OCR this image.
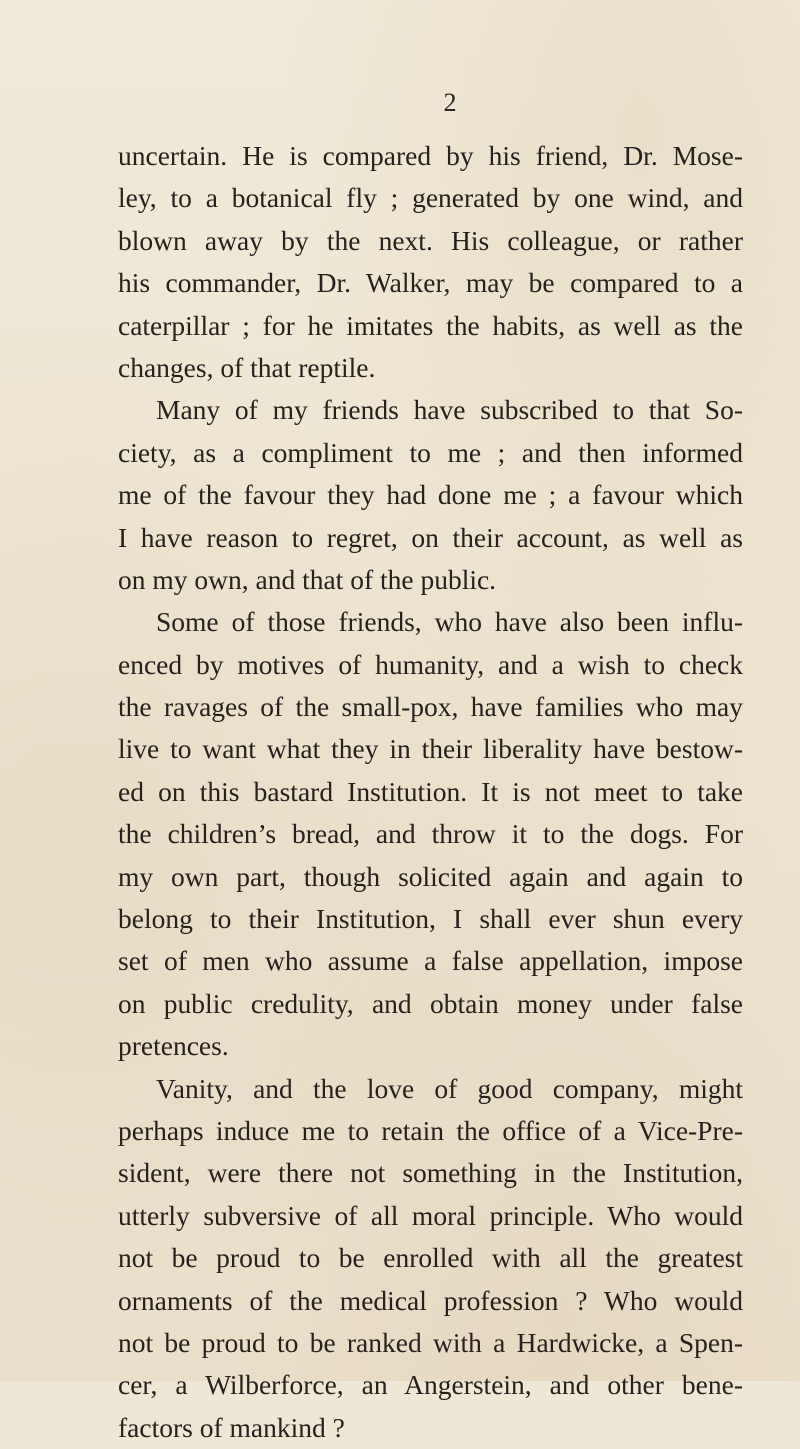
2
uncertain. He is compared by his friend, Dr. Mose-
ley, to a botanical fly ; generated by one wind, and
blown away by the next. His colleague, or rather
his commander, Dr. Walker, may be compared to a
caterpillar ; for he imitates the habits, as well as the
changes, of that reptile.
Many of my friends have subscribed to that So-
ciety, as a compliment to me ; and then informed
me of the favour they had done me ; a favour which
I have reason to regret, on their account, as well as
on my own, and that of the public.
Some of those friends, who have also been influ-
enced by motives of humanity, and a wish to check
the ravages of the small-pox, have families who may
live to want what they in their liberality have bestow-
ed on this bastard Institution. It is not meet to take
the children’s bread, and throw it to the dogs. For
my own part, though solicited again and again to
belong to their Institution, I shall ever shun every
set of men who assume a false appellation, impose
on public credulity, and obtain money under false
pretences.
Vanity, and the love of good company, might
perhaps induce me to retain the office of a Vice-Pre-
sident, were there not something in the Institution,
utterly subversive of all moral principle. Who would
not be proud to be enrolled with all the greatest
ornaments of the medical profession ? Who would
not be proud to be ranked with a Hardwicke, a Spen-
cer, a Wilberforce, an Angerstein, and other bene-
factors of mankind ?
